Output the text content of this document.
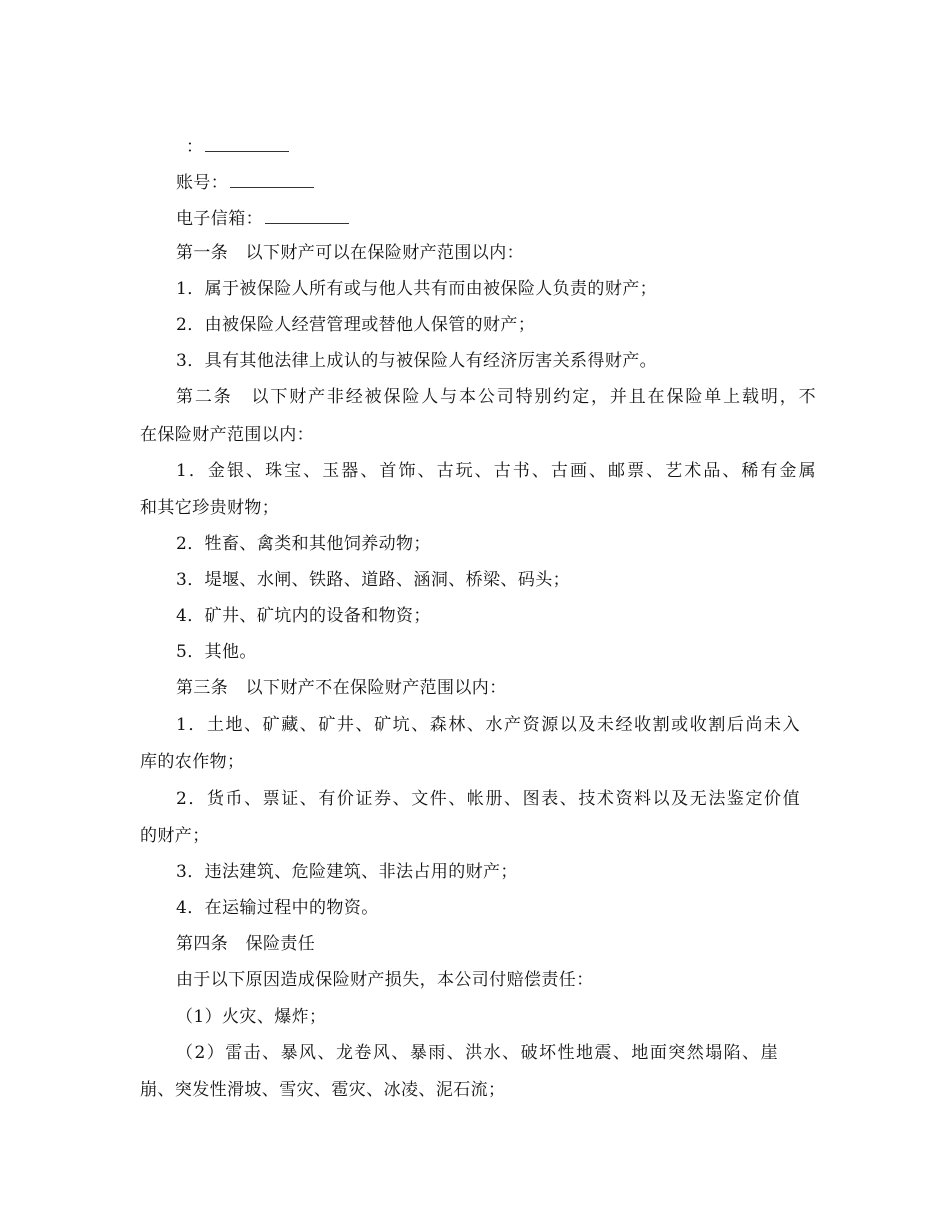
：
账号：
电子信箱：
第一条　以下财产可以在保险财产范围以内：
1．属于被保险人所有或与他人共有而由被保险人负责的财产；
2．由被保险人经营管理或替他人保管的财产；
3．具有其他法律上成认的与被保险人有经济厉害关系得财产。
第二条　以下财产非经被保险人与本公司特别约定，并且在保险单上载明，不
在保险财产范围以内：
1．金银、珠宝、玉器、首饰、古玩、古书、古画、邮票、艺术品、稀有金属
和其它珍贵财物；
2．牲畜、禽类和其他饲养动物；
3．堤堰、水闸、铁路、道路、涵洞、桥梁、码头；
4．矿井、矿坑内的设备和物资；
5．其他。
第三条　以下财产不在保险财产范围以内：
1．土地、矿藏、矿井、矿坑、森林、水产资源以及未经收割或收割后尚未入
库的农作物；
2．货币、票证、有价证券、文件、帐册、图表、技术资料以及无法鉴定价值
的财产；
3．违法建筑、危险建筑、非法占用的财产；
4．在运输过程中的物资。
第四条　保险责任
由于以下原因造成保险财产损失，本公司付赔偿责任：
（1）火灾、爆炸；
（2）雷击、暴风、龙卷风、暴雨、洪水、破坏性地震、地面突然塌陷、崖
崩、突发性滑坡、雪灾、雹灾、冰凌、泥石流；
